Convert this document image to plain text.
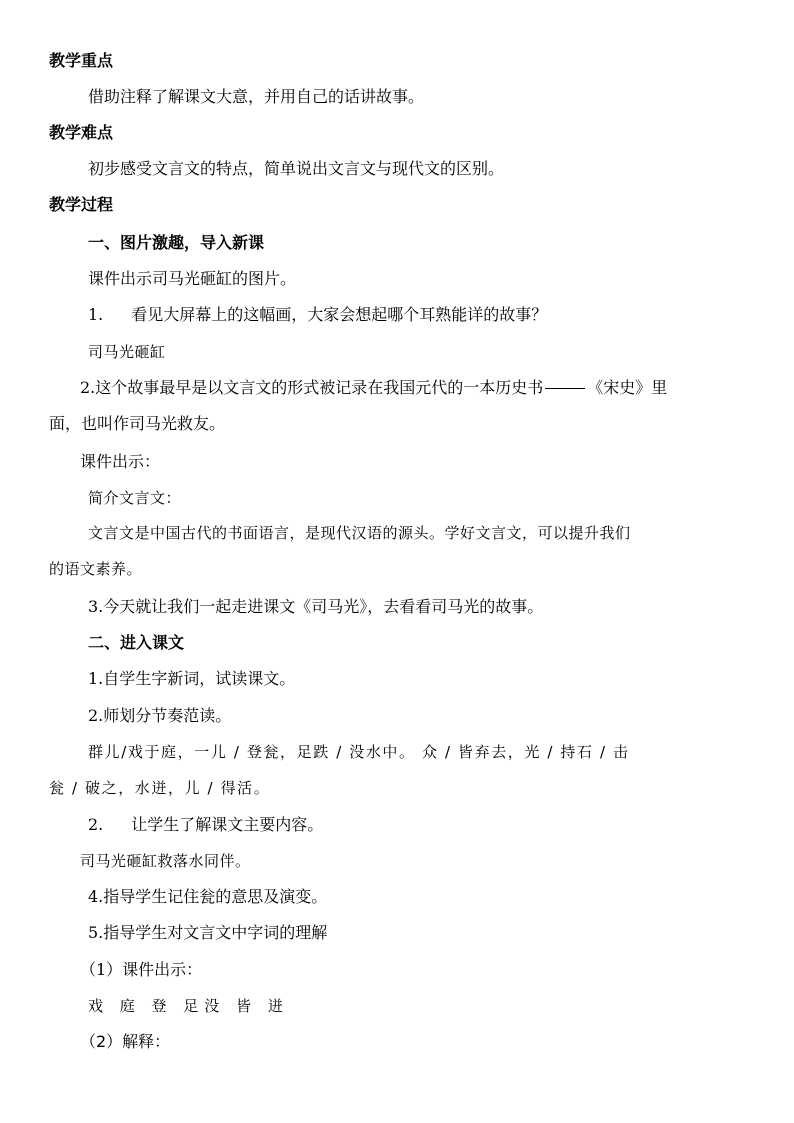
教学重点
借助注释了解课文大意，并用自己的话讲故事。
教学难点
初步感受文言文的特点，简单说出文言文与现代文的区别。
教学过程
一、图片激趣，导入新课
课件出示司马光砸缸的图片。
1. 看见大屏幕上的这幅画，大家会想起哪个耳熟能详的故事？
司马光砸缸
2.这个故事最早是以文言文的形式被记录在我国元代的一本历史书	《宋史》里
面，也叫作司马光救友。
课件出示：
简介文言文：
文言文是中国古代的书面语言，是现代汉语的源头。学好文言文，可以提升我们
的语文素养。
3.今天就让我们一起走进课文《司马光》，去看看司马光的故事。
二、进入课文
1.自学生字新词，试读课文。
2.师划分节奏范读。
群儿/戏于庭，一儿 / 登瓮，足跌 / 没水中。 众 / 皆弃去，光 / 持石 / 击
瓮 / 破之，水迸，儿 / 得活。
2. 让学生了解课文主要内容。
司马光砸缸救落水同伴。
4.指导学生记住瓮的意思及演变。
5.指导学生对文言文中字词的理解
（1）课件出示：
戏 庭 登 足没 皆 迸
（2）解释：
